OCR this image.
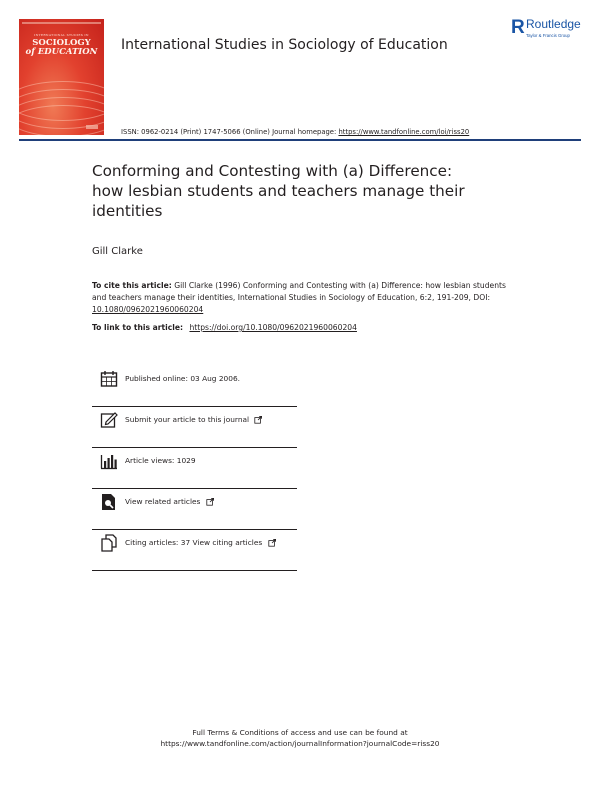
INTERNATIONAL STUDIES IN
SOCIOLOGY
of EDUCATION	International Studies in Sociology of Education
R Routledge
Taylor & Francis Group
ISSN: 0962-0214 (Print) 1747-5066 (Online) Journal homepage: https://www.tandfonline.com/loi/riss20
Conforming and Contesting with (a) Difference:
how lesbian students and teachers manage their
identities
Gill Clarke
To cite this article: Gill Clarke (1996) Conforming and Contesting with (a) Difference: how lesbian students and teachers manage their identities, International Studies in Sociology of Education, 6:2, 191-209, DOI: 10.1080/0962021960060204
To link to this article: https://doi.org/10.1080/0962021960060204
Published online: 03 Aug 2006.
Submit your article to this journal
Article views: 1029
View related articles
Citing articles: 37 View citing articles
Full Terms & Conditions of access and use can be found at
https://www.tandfonline.com/action/journalInformation?journalCode=riss20
